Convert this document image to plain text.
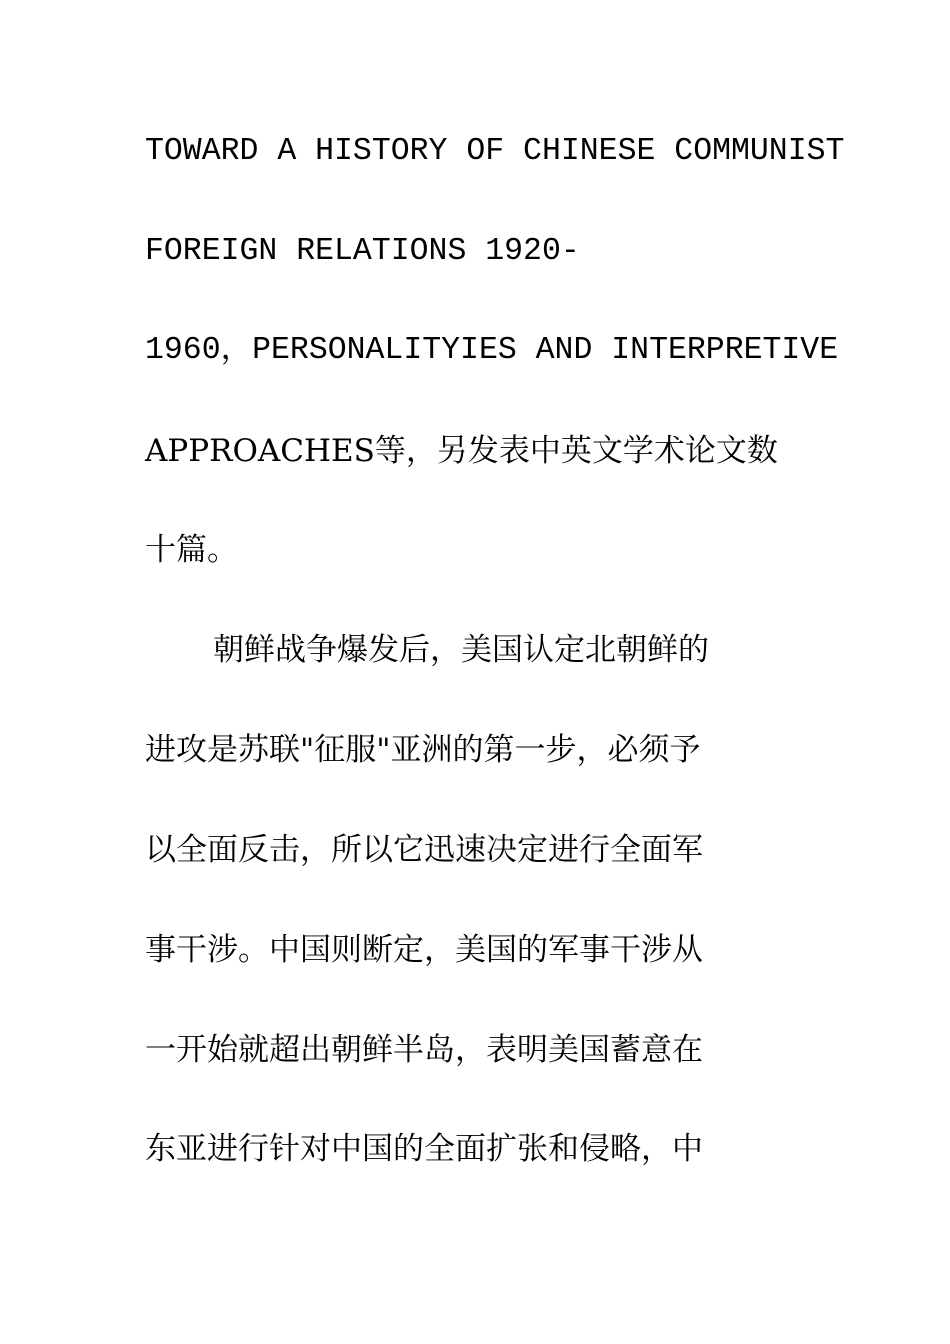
TOWARD A HISTORY OF CHINESE COMMUNIST

FOREIGN RELATIONS 1920-

1960，PERSONALITYIES AND INTERPRETIVE

APPROACHES等，另发表中英文学术论文数

十篇。

朝鲜战争爆发后，美国认定北朝鲜的

进攻是苏联"征服"亚洲的第一步，必须予

以全面反击，所以它迅速决定进行全面军

事干涉。中国则断定，美国的军事干涉从

一开始就超出朝鲜半岛，表明美国蓄意在

东亚进行针对中国的全面扩张和侵略，中
